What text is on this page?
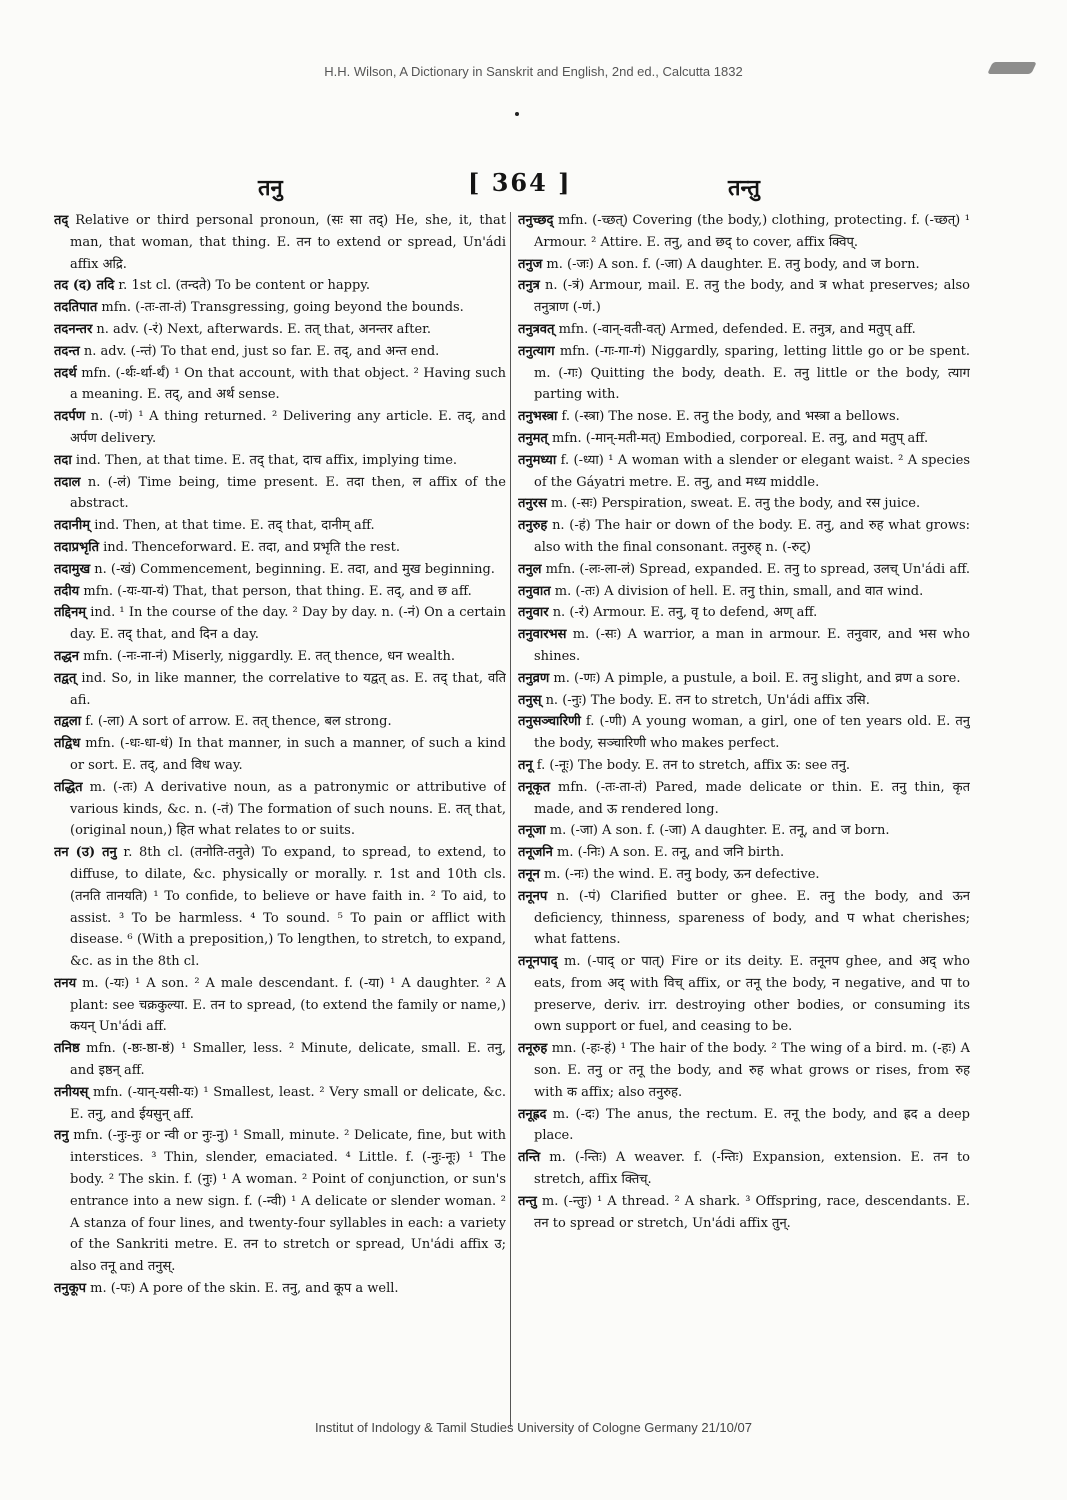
H.H. Wilson, A Dictionary in Sanskrit and English, 2nd ed., Calcutta 1832
तनु	[ 364 ]	तन्तु

तद् Relative or third personal pronoun, (सः सा तद्) He, she, it, that man, that woman, that thing. E. तन to extend or spread, Un'ádi affix अद्रि.

तद (द) तदि r. 1st cl. (तन्दते) To be content or happy.

तदतिपात mfn. (-तः-ता-तं) Transgressing, going beyond the bounds.

तदनन्तर n. adv. (-रं) Next, afterwards. E. तत् that, अनन्तर after.

तदन्त n. adv. (-न्तं) To that end, just so far. E. तद्, and अन्त end.

तदर्थ mfn. (-र्थः-र्था-र्थं) ¹ On that account, with that object. ² Having such a meaning. E. तद्, and अर्थ sense.

तदर्पण n. (-णं) ¹ A thing returned. ² Delivering any article. E. तद्, and अर्पण delivery.

तदा ind. Then, at that time. E. तद् that, दाच affix, implying time.

तदाल n. (-लं) Time being, time present. E. तदा then, ल affix of the abstract.

तदानीम् ind. Then, at that time. E. तद् that, दानीम् aff.

तदाप्रभृति ind. Thenceforward. E. तदा, and प्रभृति the rest.

तदामुख n. (-खं) Commencement, beginning. E. तदा, and मुख beginning.

तदीय mfn. (-यः-या-यं) That, that person, that thing. E. तद्, and छ aff.

तद्दिनम् ind. ¹ In the course of the day. ² Day by day. n. (-नं) On a certain day. E. तद् that, and दिन a day.

तद्धन mfn. (-नः-ना-नं) Miserly, niggardly. E. तत् thence, धन wealth.

तद्वत् ind. So, in like manner, the correlative to यद्वत् as. E. तद् that, वति afi.

तद्वला f. (-ला) A sort of arrow. E. तत् thence, बल strong.

तद्विध mfn. (-धः-धा-धं) In that manner, in such a manner, of such a kind or sort. E. तद्, and विध way.

तद्धित m. (-तः) A derivative noun, as a patronymic or attributive of various kinds, &c. n. (-तं) The formation of such nouns. E. तत् that, (original noun,) हित what relates to or suits.

तन (उ) तनु r. 8th cl. (तनोति-तनुते) To expand, to spread, to extend, to diffuse, to dilate, &c. physically or morally. r. 1st and 10th cls. (तनति तानयति) ¹ To confide, to believe or have faith in. ² To aid, to assist. ³ To be harmless. ⁴ To sound. ⁵ To pain or afflict with disease. ⁶ (With a preposition,) To lengthen, to stretch, to expand, &c. as in the 8th cl.

तनय m. (-यः) ¹ A son. ² A male descendant. f. (-या) ¹ A daughter. ² A plant: see चक्रकुल्या. E. तन to spread, (to extend the family or name,) कयन् Un'ádi aff.

तनिष्ठ mfn. (-ष्ठः-ष्ठा-ष्ठं) ¹ Smaller, less. ² Minute, delicate, small. E. तनु, and इष्ठन् aff.

तनीयस् mfn. (-यान्-यसी-यः) ¹ Smallest, least. ² Very small or delicate, &c. E. तनु, and ईयसुन् aff.

तनु mfn. (-नुः-नुः or न्वी or नुः-नु) ¹ Small, minute. ² Delicate, fine, but with interstices. ³ Thin, slender, emaciated. ⁴ Little. f. (-नुः-नूः) ¹ The body. ² The skin. f. (नुः) ¹ A woman. ² Point of conjunction, or sun's entrance into a new sign. f. (-न्वी) ¹ A delicate or slender woman. ² A stanza of four lines, and twenty-four syllables in each: a variety of the Sankriti metre. E. तन to stretch or spread, Un'ádi affix उ; also तनू and तनुस्.

तनुकूप m. (-पः) A pore of the skin. E. तनु, and कूप a well.

तनुच्छद् mfn. (-च्छत्) Covering (the body,) clothing, protecting. f. (-च्छत्) ¹ Armour. ² Attire. E. तनु, and छद् to cover, affix क्विप्.

तनुज m. (-जः) A son. f. (-जा) A daughter. E. तनु body, and ज born.

तनुत्र n. (-त्रं) Armour, mail. E. तनु the body, and त्र what preserves; also तनुत्राण (-णं.)

तनुत्रवत् mfn. (-वान्-वती-वत्) Armed, defended. E. तनुत्र, and मतुप् aff.

तनुत्याग mfn. (-गः-गा-गं) Niggardly, sparing, letting little go or be spent. m. (-गः) Quitting the body, death. E. तनु little or the body, त्याग parting with.

तनुभस्त्रा f. (-स्त्रा) The nose. E. तनु the body, and भस्त्रा a bellows.

तनुमत् mfn. (-मान्-मती-मत्) Embodied, corporeal. E. तनु, and मतुप् aff.

तनुमध्या f. (-ध्या) ¹ A woman with a slender or elegant waist. ² A species of the Gáyatri metre. E. तनु, and मध्य middle.

तनुरस m. (-सः) Perspiration, sweat. E. तनु the body, and रस juice.

तनुरुह n. (-हं) The hair or down of the body. E. तनु, and रुह what grows: also with the final consonant. तनुरुह् n. (-रुट्)

तनुल mfn. (-लः-ला-लं) Spread, expanded. E. तनु to spread, उलच् Un'ádi aff.

तनुवात m. (-तः) A division of hell. E. तनु thin, small, and वात wind.

तनुवार n. (-रं) Armour. E. तनु, वृ to defend, अण् aff.

तनुवारभस m. (-सः) A warrior, a man in armour. E. तनुवार, and भस who shines.

तनुव्रण m. (-णः) A pimple, a pustule, a boil. E. तनु slight, and व्रण a sore.

तनुस् n. (-नुः) The body. E. तन to stretch, Un'ádi affix उसि.

तनुसञ्चारिणी f. (-णी) A young woman, a girl, one of ten years old. E. तनु the body, सञ्चारिणी who makes perfect.

तनू f. (-नूः) The body. E. तन to stretch, affix ऊ: see तनु.

तनूकृत mfn. (-तः-ता-तं) Pared, made delicate or thin. E. तनु thin, कृत made, and ऊ rendered long.

तनूजा m. (-जा) A son. f. (-जा) A daughter. E. तनू, and ज born.

तनूजनि m. (-निः) A son. E. तनू, and जनि birth.

तनून m. (-नः) the wind. E. तनु body, ऊन defective.

तनूनप n. (-पं) Clarified butter or ghee. E. तनु the body, and ऊन deficiency, thinness, spareness of body, and प what cherishes; what fattens.

तनूनपाद् m. (-पाद् or पात्) Fire or its deity. E. तनूनप ghee, and अद् who eats, from अद् with विच् affix, or तनू the body, न negative, and पा to preserve, deriv. irr. destroying other bodies, or consuming its own support or fuel, and ceasing to be.

तनूरुह mn. (-हः-हं) ¹ The hair of the body. ² The wing of a bird. m. (-हः) A son. E. तनु or तनू the body, and रुह what grows or rises, from रुह with क affix; also तनुरुह.

तनूह्रद m. (-दः) The anus, the rectum. E. तनू the body, and ह्रद a deep place.

तन्ति m. (-न्तिः) A weaver. f. (-न्तिः) Expansion, extension. E. तन to stretch, affix क्तिच्.

तन्तु m. (-न्तुः) ¹ A thread. ² A shark. ³ Offspring, race, descendants. E. तन to spread or stretch, Un'ádi affix तुन्.

Institut of Indology & Tamil Studies University of Cologne Germany 21/10/07
